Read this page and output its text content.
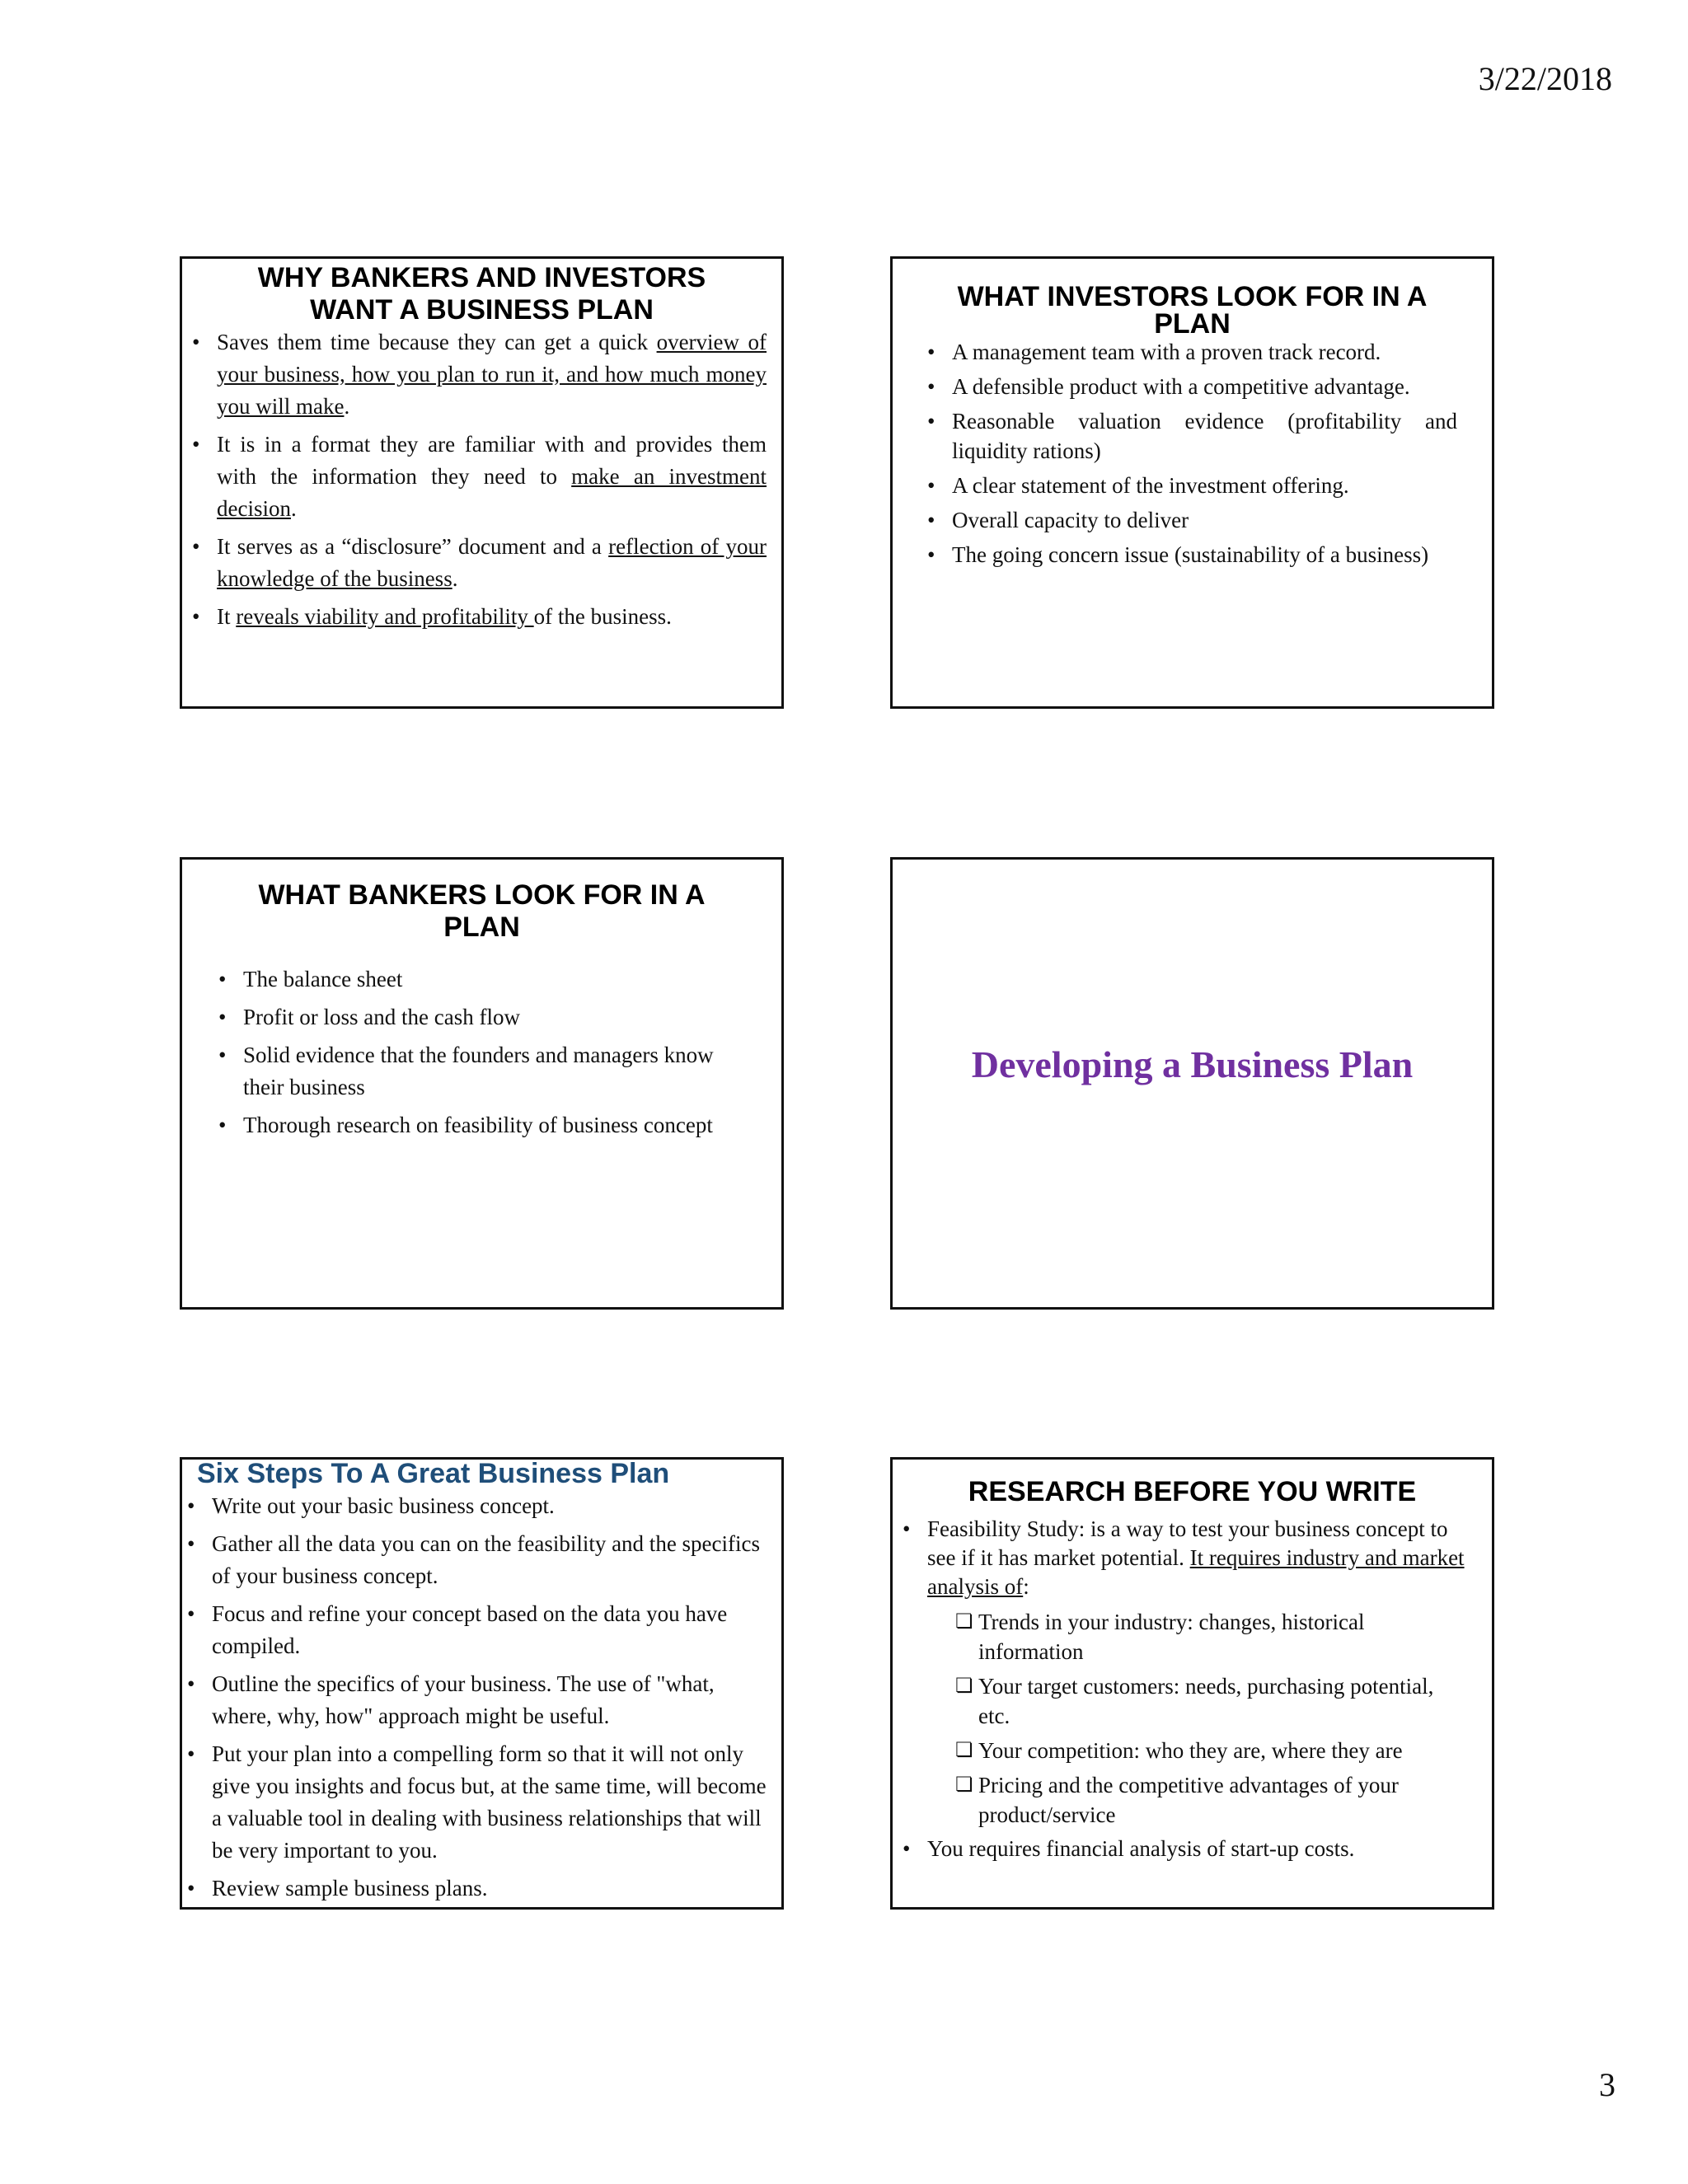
3/22/2018
WHY BANKERS AND INVESTORS
WANT A BUSINESS PLAN
• Saves them time because they can get a quick overview of your business, how you plan to run it, and how much money you will make.
• It is in a format they are familiar with and provides them with the information they need to make an investment decision.
• It serves as a “disclosure” document and a reflection of your knowledge of the business.
• It reveals viability and profitability of the business.
WHAT INVESTORS LOOK FOR IN A
PLAN
• A management team with a proven track record.
• A defensible product with a competitive advantage.
• Reasonable valuation evidence (profitability and liquidity rations)
• A clear statement of the investment offering.
• Overall capacity to deliver
• The going concern issue (sustainability of a business)
WHAT BANKERS LOOK FOR IN A
PLAN
• The balance sheet
• Profit or loss and the cash flow
• Solid evidence that the founders and managers know their business
• Thorough research on feasibility of business concept
Developing a Business Plan
Six Steps To A Great Business Plan
• Write out your basic business concept.
• Gather all the data you can on the feasibility and the specifics of your business concept.
• Focus and refine your concept based on the data you have compiled.
• Outline the specifics of your business. The use of "what, where, why, how" approach might be useful.
• Put your plan into a compelling form so that it will not only give you insights and focus but, at the same time, will become a valuable tool in dealing with business relationships that will be very important to you.
• Review sample business plans.
RESEARCH BEFORE YOU WRITE
• Feasibility Study: is a way to test your business concept to see if it has market potential. It requires industry and market analysis of:
❏ Trends in your industry: changes, historical information
❏ Your target customers: needs, purchasing potential, etc.
❏ Your competition: who they are, where they are
❏ Pricing and the competitive advantages of your product/service
• You requires financial analysis of start-up costs.
3
